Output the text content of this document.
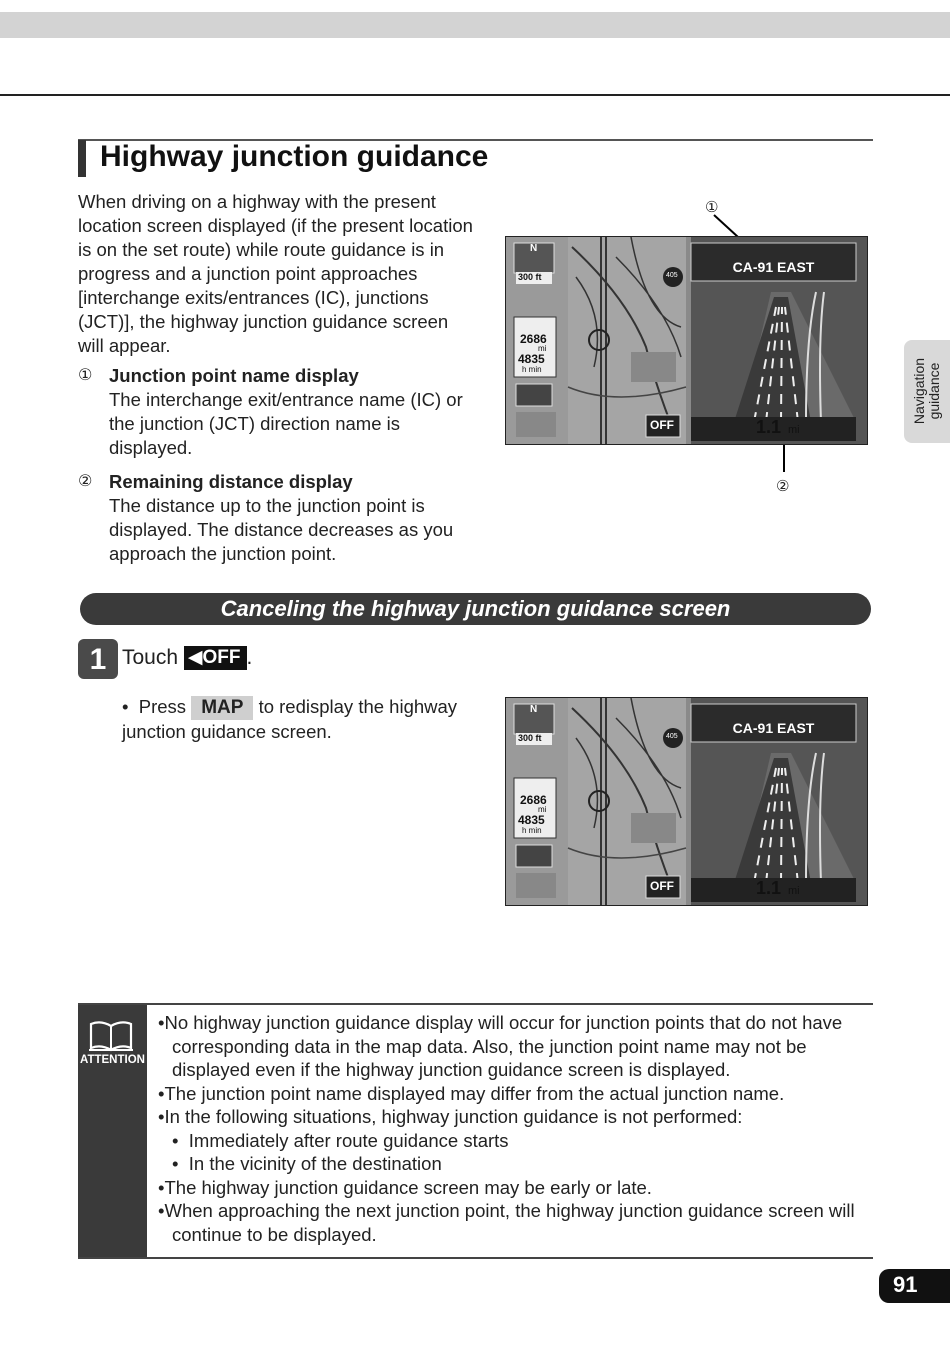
Highway junction guidance
When driving on a highway with the present location screen displayed (if the present location is on the set route) while route guidance is in progress and a junction point approaches [interchange exits/entrances (IC), junctions (JCT)], the highway junction guidance screen will appear.
① Junction point name display
The interchange exit/entrance name (IC) or the junction (JCT) direction name is displayed.
② Remaining distance display
The distance up to the junction point is displayed. The distance decreases as you approach the junction point.
①
②
CA-91 EAST
1.1 mi
OFF
300 ft
2686
mi
4835
h min
405
N
Navigation guidance
Canceling the highway junction guidance screen
1 Touch ◀OFF .
• Press MAP to redisplay the highway junction guidance screen.	CA-91 EAST
1.1 mi
OFF
300 ft
2686
mi
4835
h min
405
N
ATTENTION
•No highway junction guidance display will occur for junction points that do not have corresponding data in the map data. Also, the junction point name may not be displayed even if the highway junction guidance screen is displayed.
•The junction point name displayed may differ from the actual junction name.
•In the following situations, highway junction guidance is not performed:
•  Immediately after route guidance starts
•  In the vicinity of the destination
•The highway junction guidance screen may be early or late.
•When approaching the next junction point, the highway junction guidance screen will continue to be displayed.
91
